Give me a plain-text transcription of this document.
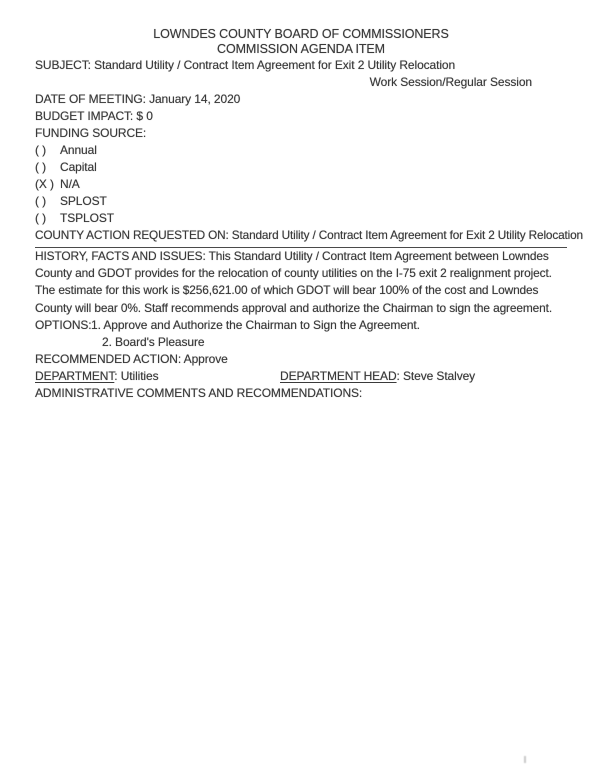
LOWNDES COUNTY BOARD OF COMMISSIONERS
COMMISSION AGENDA ITEM

SUBJECT: Standard Utility / Contract Item Agreement for Exit 2 Utility Relocation

Work Session/Regular Session

DATE OF MEETING: January 14, 2020

BUDGET IMPACT: $ 0

FUNDING SOURCE:

( ) Annual
( ) Capital
(X ) N/A
( ) SPLOST
( ) TSPLOST

COUNTY ACTION REQUESTED ON: Standard Utility / Contract Item Agreement for Exit 2 Utility Relocation

HISTORY, FACTS AND ISSUES: This Standard Utility / Contract Item Agreement between Lowndes County and GDOT provides for the relocation of county utilities on the I-75 exit 2 realignment project. The estimate for this work is $256,621.00 of which GDOT will bear 100% of the cost and Lowndes County will bear 0%. Staff recommends approval and authorize the Chairman to sign the agreement.

OPTIONS: 1. Approve and Authorize the Chairman to Sign the Agreement.
2. Board's Pleasure

RECOMMENDED ACTION: Approve

DEPARTMENT: Utilities	DEPARTMENT HEAD: Steve Stalvey

ADMINISTRATIVE COMMENTS AND RECOMMENDATIONS:
